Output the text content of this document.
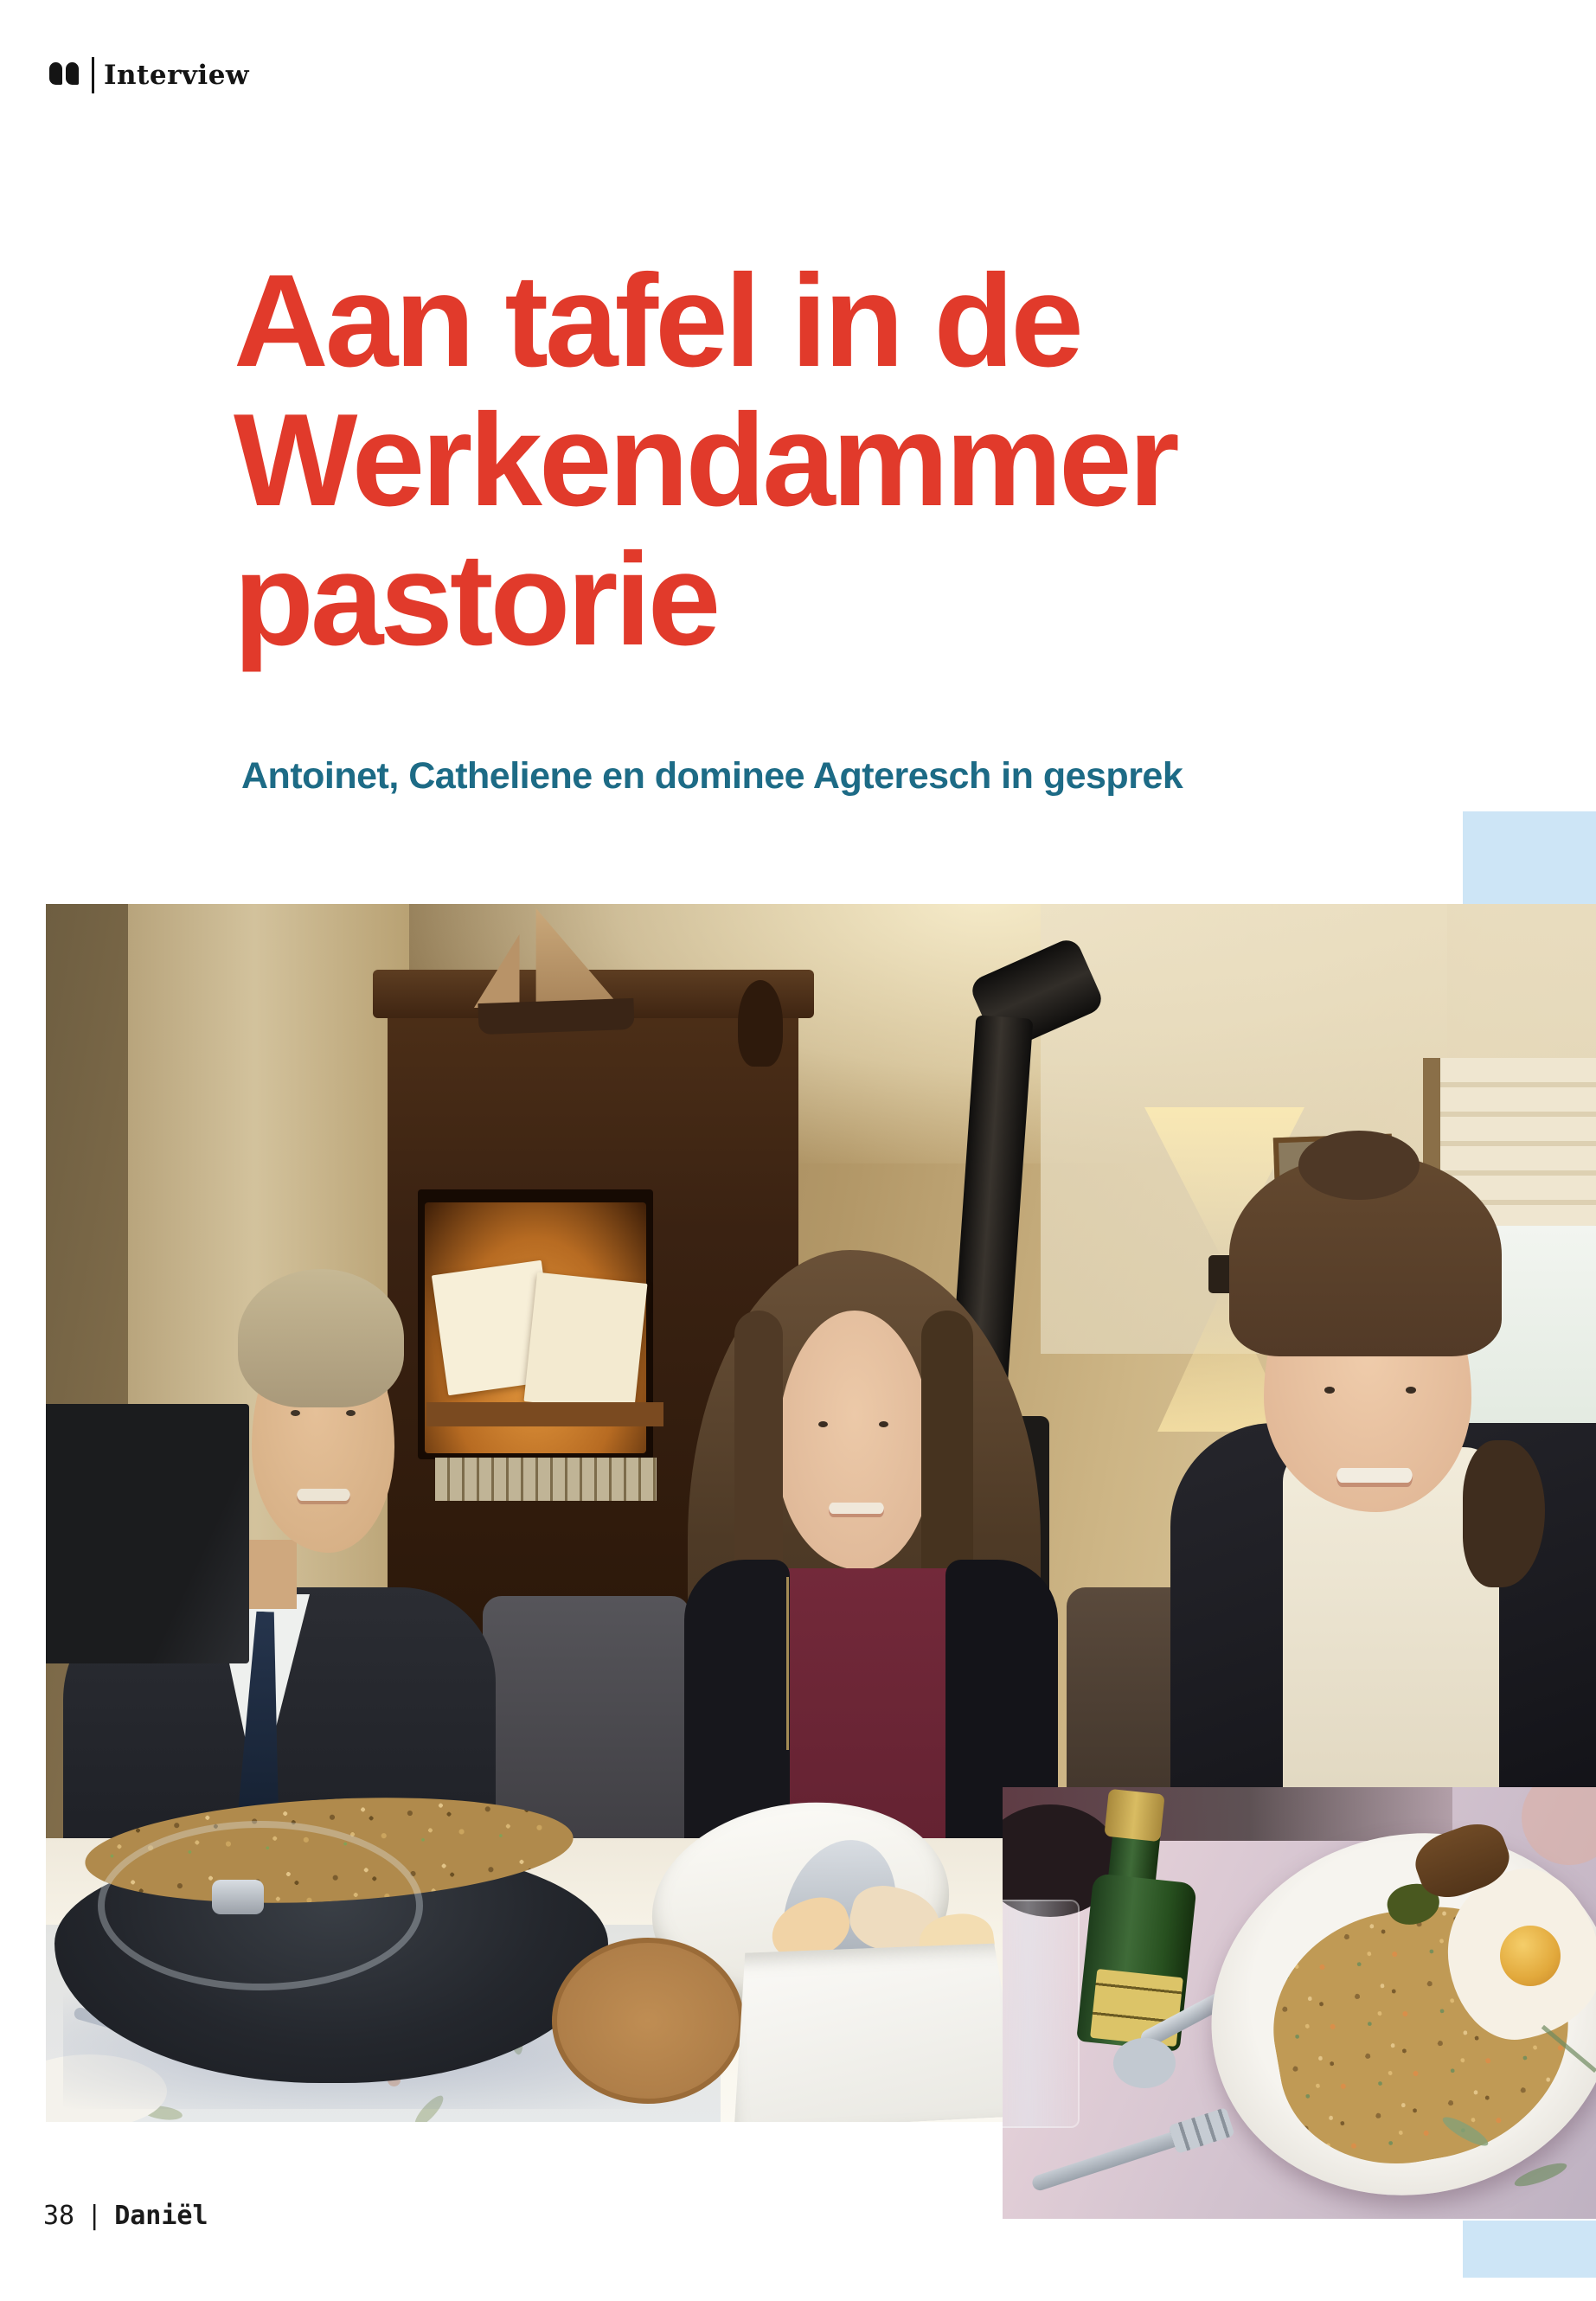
Interview
Aan tafel in de
Werkendammer
pastorie
Antoinet, Catheliene en dominee Agteresch in gesprek
38 | Daniël
